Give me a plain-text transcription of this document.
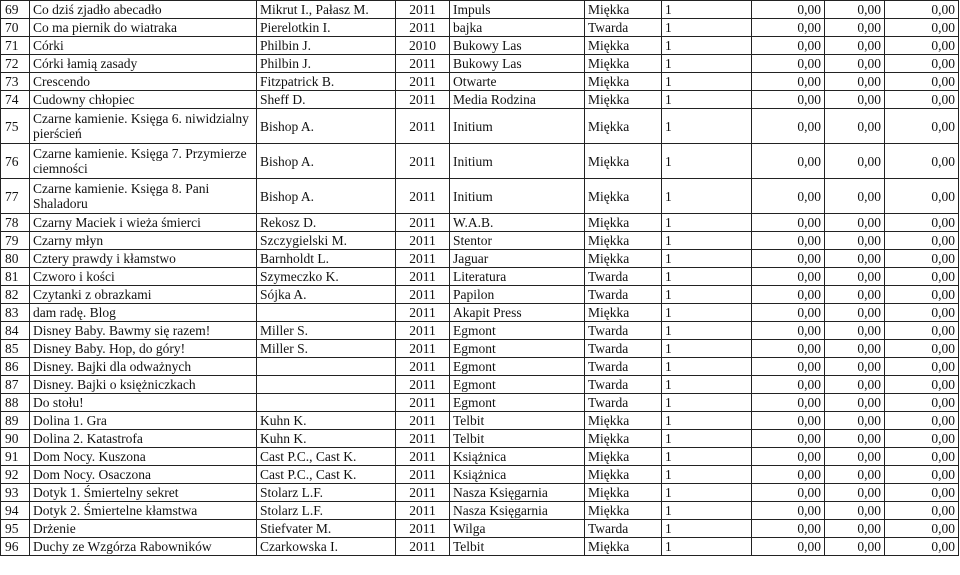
69	Co dziś zjadło abecadło	Mikrut I., Pałasz M.	2011	Impuls	Miękka	1	0,00	0,00	0,00
70	Co ma piernik do wiatraka	Pierelotkin I.	2011	bajka	Twarda	1	0,00	0,00	0,00
71	Córki	Philbin J.	2010	Bukowy Las	Miękka	1	0,00	0,00	0,00
72	Córki łamią zasady	Philbin J.	2011	Bukowy Las	Miękka	1	0,00	0,00	0,00
73	Crescendo	Fitzpatrick B.	2011	Otwarte	Miękka	1	0,00	0,00	0,00
74	Cudowny chłopiec	Sheff D.	2011	Media Rodzina	Miękka	1	0,00	0,00	0,00
75	Czarne kamienie. Księga 6. niwidzialny pierścień	Bishop A.	2011	Initium	Miękka	1	0,00	0,00	0,00
76	Czarne kamienie. Księga 7. Przymierze ciemności	Bishop A.	2011	Initium	Miękka	1	0,00	0,00	0,00
77	Czarne kamienie. Księga 8. Pani Shaladoru	Bishop A.	2011	Initium	Miękka	1	0,00	0,00	0,00
78	Czarny Maciek i wieża śmierci	Rekosz D.	2011	W.A.B.	Miękka	1	0,00	0,00	0,00
79	Czarny młyn	Szczygielski M.	2011	Stentor	Miękka	1	0,00	0,00	0,00
80	Cztery prawdy i kłamstwo	Barnholdt L.	2011	Jaguar	Miękka	1	0,00	0,00	0,00
81	Czworo i kości	Szymeczko K.	2011	Literatura	Twarda	1	0,00	0,00	0,00
82	Czytanki z obrazkami	Sójka A.	2011	Papilon	Twarda	1	0,00	0,00	0,00
83	dam radę. Blog		2011	Akapit Press	Miękka	1	0,00	0,00	0,00
84	Disney Baby. Bawmy się razem!	Miller S.	2011	Egmont	Twarda	1	0,00	0,00	0,00
85	Disney Baby. Hop, do góry!	Miller S.	2011	Egmont	Twarda	1	0,00	0,00	0,00
86	Disney. Bajki dla odważnych		2011	Egmont	Twarda	1	0,00	0,00	0,00
87	Disney. Bajki o księżniczkach		2011	Egmont	Twarda	1	0,00	0,00	0,00
88	Do stołu!		2011	Egmont	Twarda	1	0,00	0,00	0,00
89	Dolina 1. Gra	Kuhn K.	2011	Telbit	Miękka	1	0,00	0,00	0,00
90	Dolina 2. Katastrofa	Kuhn K.	2011	Telbit	Miękka	1	0,00	0,00	0,00
91	Dom Nocy. Kuszona	Cast P.C., Cast K.	2011	Książnica	Miękka	1	0,00	0,00	0,00
92	Dom Nocy. Osaczona	Cast P.C., Cast K.	2011	Książnica	Miękka	1	0,00	0,00	0,00
93	Dotyk 1. Śmiertelny sekret	Stolarz L.F.	2011	Nasza Księgarnia	Miękka	1	0,00	0,00	0,00
94	Dotyk 2. Śmiertelne kłamstwa	Stolarz L.F.	2011	Nasza Księgarnia	Miękka	1	0,00	0,00	0,00
95	Drżenie	Stiefvater M.	2011	Wilga	Twarda	1	0,00	0,00	0,00
96	Duchy ze Wzgórza Rabowników	Czarkowska I.	2011	Telbit	Miękka	1	0,00	0,00	0,00
